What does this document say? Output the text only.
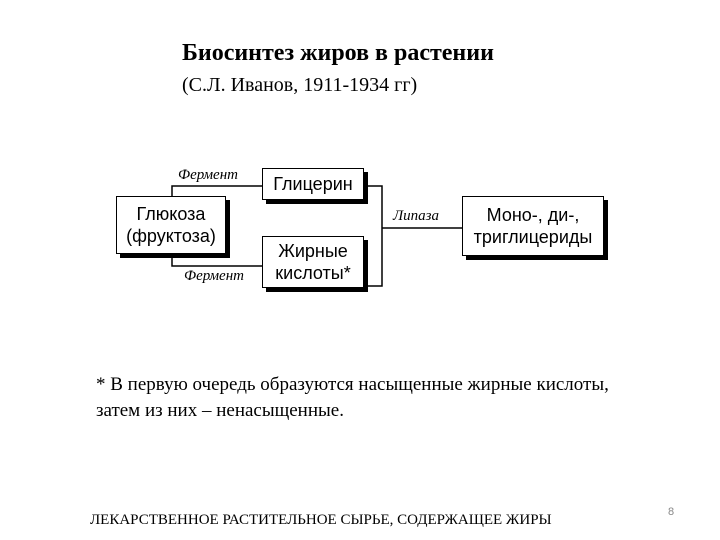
Биосинтез жиров в растении
(С.Л. Иванов, 1911-1934 гг)
Глюкоза
(фруктоза)
Глицерин
Жирные
кислоты*
Моно-, ди-,
триглицериды
Фермент
Фермент
Липаза
* В первую очередь образуются насыщенные жирные кислоты, затем из них – ненасыщенные.
ЛЕКАРСТВЕННОЕ РАСТИТЕЛЬНОЕ СЫРЬЕ, СОДЕРЖАЩЕЕ ЖИРЫ	8
